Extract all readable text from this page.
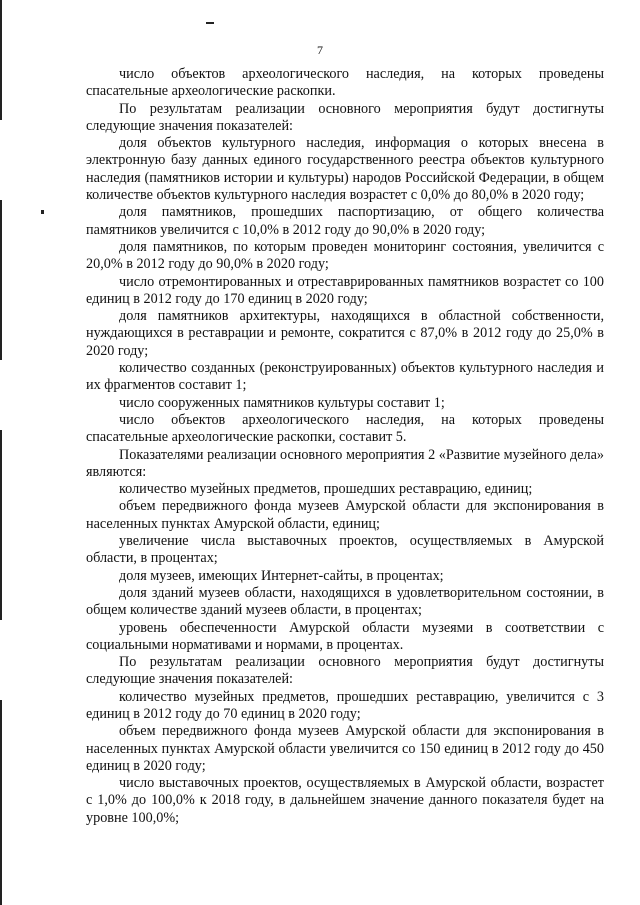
7

число объектов археологического наследия, на которых проведены спасательные археологические раскопки.

По результатам реализации основного мероприятия будут достигнуты следующие значения показателей:

доля объектов культурного наследия, информация о которых внесена в электронную базу данных единого государственного реестра объектов культурного наследия (памятников истории и культуры) народов Российской Федерации, в общем количестве объектов культурного наследия возрастет с 0,0% до 80,0% в 2020 году;

доля памятников, прошедших паспортизацию, от общего количества памятников увеличится с 10,0% в 2012 году до 90,0% в 2020 году;

доля памятников, по которым проведен мониторинг состояния, увеличится с 20,0% в 2012 году до 90,0% в 2020 году;

число отремонтированных и отреставрированных памятников возрастет со 100 единиц в 2012 году до 170 единиц в 2020 году;

доля памятников архитектуры, находящихся в областной собственности, нуждающихся в реставрации и ремонте, сократится с 87,0% в 2012 году до 25,0% в 2020 году;

количество созданных (реконструированных) объектов культурного наследия и их фрагментов составит 1;

число сооруженных памятников культуры составит 1;

число объектов археологического наследия, на которых проведены спасательные археологические раскопки, составит 5.

Показателями реализации основного мероприятия 2 «Развитие музейного дела» являются:

количество музейных предметов, прошедших реставрацию, единиц;

объем передвижного фонда музеев Амурской области для экспонирования в населенных пунктах Амурской области, единиц;

увеличение числа выставочных проектов, осуществляемых в Амурской области, в процентах;

доля музеев, имеющих Интернет-сайты, в процентах;

доля зданий музеев области, находящихся в удовлетворительном состоянии, в общем количестве зданий музеев области, в процентах;

уровень обеспеченности Амурской области музеями в соответствии с социальными нормативами и нормами, в процентах.

По результатам реализации основного мероприятия будут достигнуты следующие значения показателей:

количество музейных предметов, прошедших реставрацию, увеличится с 3 единиц в 2012 году до 70 единиц в 2020 году;

объем передвижного фонда музеев Амурской области для экспонирования в населенных пунктах Амурской области увеличится со 150 единиц в 2012 году до 450 единиц в 2020 году;

число выставочных проектов, осуществляемых в Амурской области, возрастет с 1,0% до 100,0% к 2018 году, в дальнейшем значение данного показателя будет на уровне 100,0%;
